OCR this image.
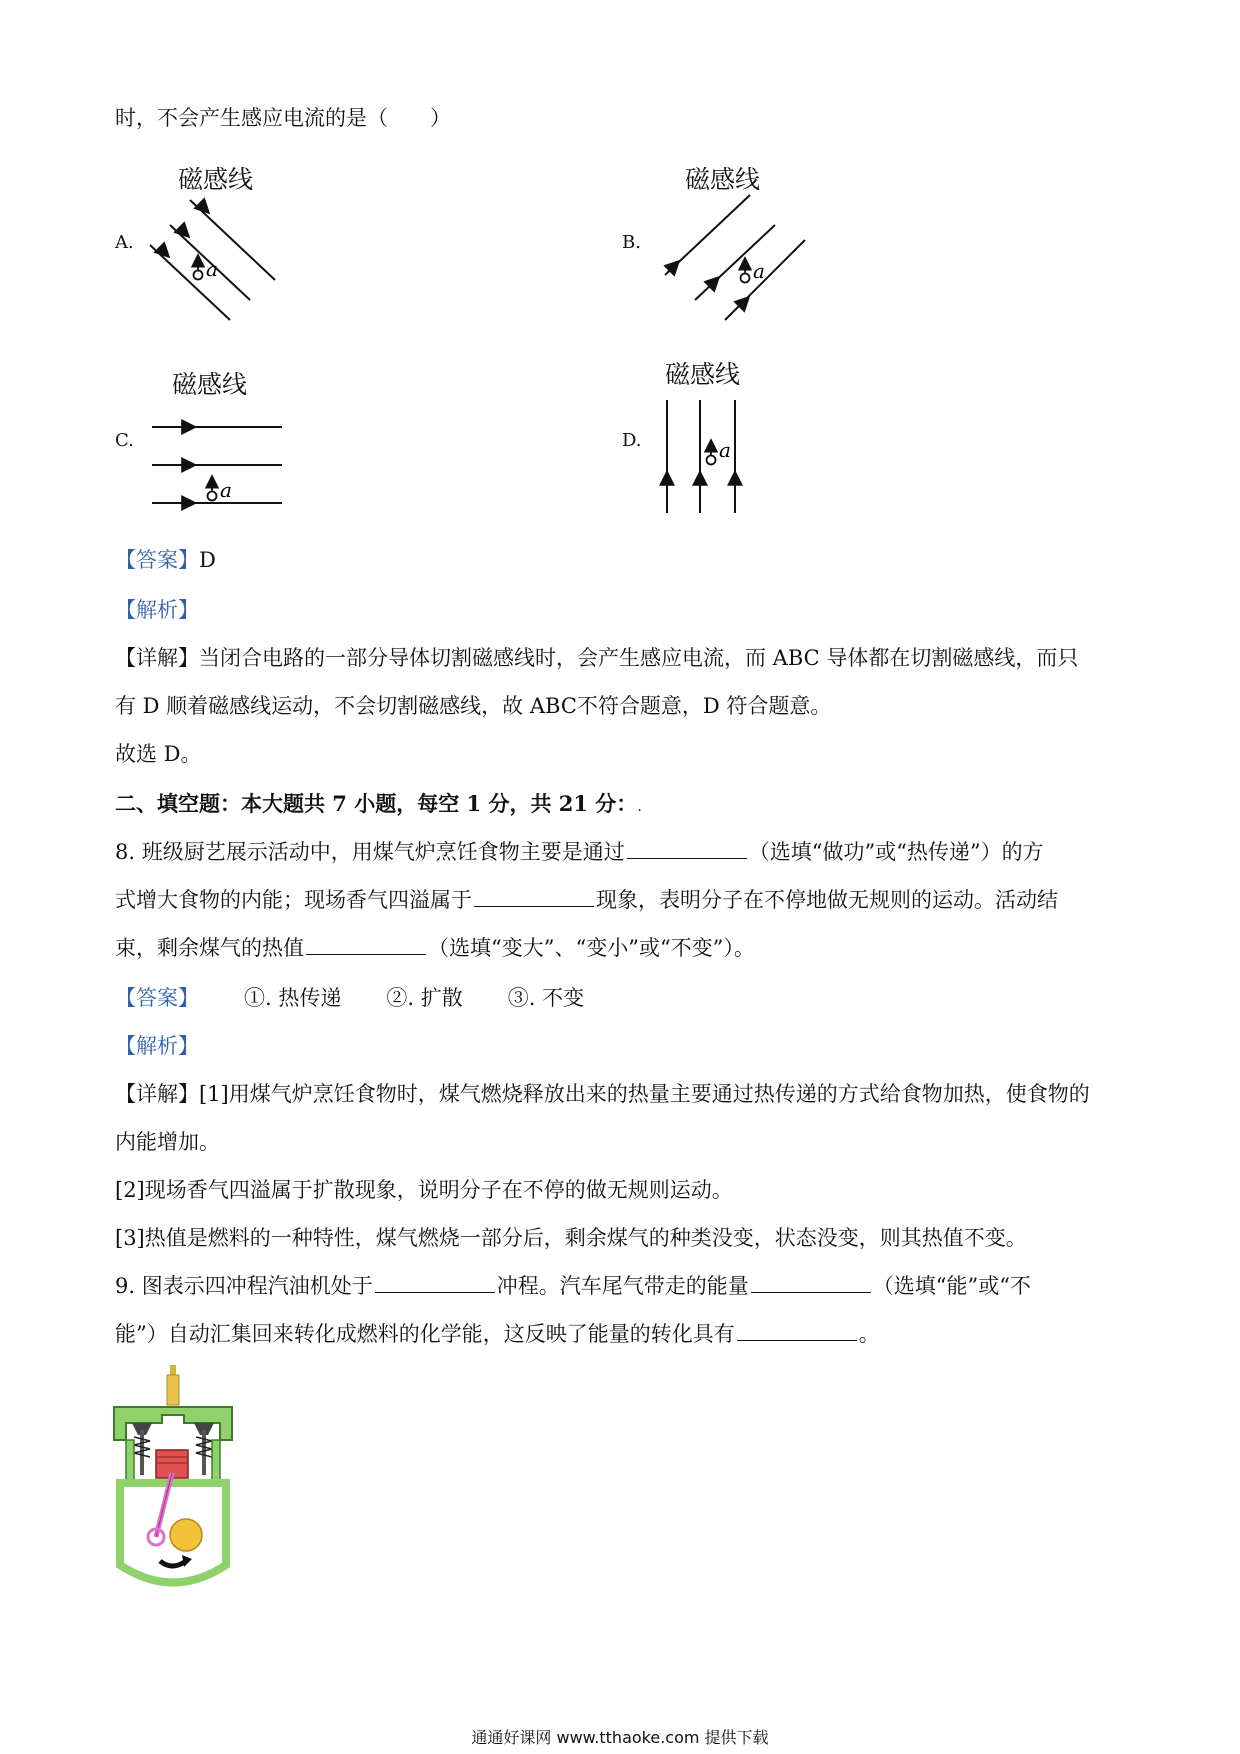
时，不会产生感应电流的是（　　）
A.
磁感线
a
B.
磁感线
a
C.
磁感线
a
D.
磁感线
a
【答案】D
【解析】
【详解】当闭合电路的一部分导体切割磁感线时，会产生感应电流，而 ABC 导体都在切割磁感线，而只
有 D 顺着磁感线运动，不会切割磁感线，故 ABC不符合题意，D 符合题意。
故选 D。
二、填空题：本大题共 7 小题，每空 1 分，共 21 分：.
8. 班级厨艺展示活动中，用煤气炉烹饪食物主要是通过	（选填“做功”或“热传递”）的方
式增大食物的内能；现场香气四溢属于	现象，表明分子在不停地做无规则的运动。活动结
束，剩余煤气的热值	（选填“变大”、“变小”或“不变”）。
【答案】 ①. 热传递 ②. 扩散 ③. 不变
【解析】
【详解】[1]用煤气炉烹饪食物时，煤气燃烧释放出来的热量主要通过热传递的方式给食物加热，使食物的
内能增加。
[2]现场香气四溢属于扩散现象，说明分子在不停的做无规则运动。
[3]热值是燃料的一种特性，煤气燃烧一部分后，剩余煤气的种类没变，状态没变，则其热值不变。
9. 图表示四冲程汽油机处于	冲程。汽车尾气带走的能量	（选填“能”或“不
能”）自动汇集回来转化成燃料的化学能，这反映了能量的转化具有	。
通通好课网 www.tthaoke.com 提供下载
